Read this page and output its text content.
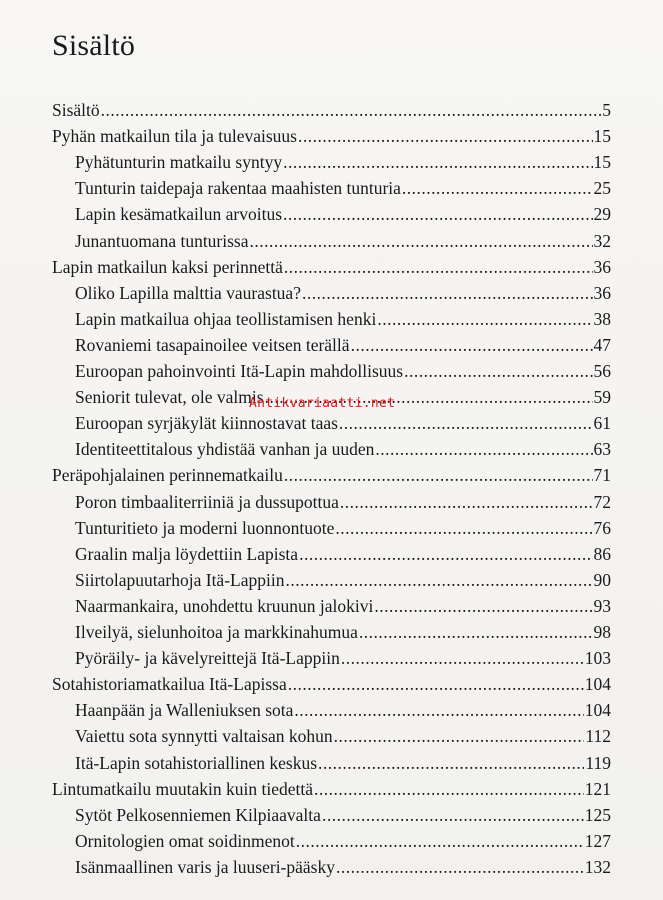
Sisältö
Sisältö .....	5
Pyhän matkailun tila ja tulevaisuus .....	15
Pyhätunturin matkailu syntyy .....	15
Tunturin taidepaja rakentaa maahisten tunturia .....	25
Lapin kesämatkailun arvoitus .....	29
Junantuomana tunturissa .....	32
Lapin matkailun kaksi perinnettä .....	36
Oliko Lapilla malttia vaurastua? .....	36
Lapin matkailua ohjaa teollistamisen henki .....	38
Rovaniemi tasapainoilee veitsen terällä .....	47
Euroopan pahoinvointi Itä-Lapin mahdollisuus .....	56
Seniorit tulevat, ole valmis .....	59
Euroopan syrjäkylät kiinnostavat taas .....	61
Identiteettitalous yhdistää vanhan ja uuden .....	63
Peräpohjalainen perinnematkailu .....	71
Poron timbaaliterriiniä ja dussupottua .....	72
Tunturitieto ja moderni luonnontuote .....	76
Graalin malja löydettiin Lapista .....	86
Siirtolapuutarhoja Itä-Lappiin .....	90
Naarmankaira, unohdettu kruunun jalokivi .....	93
Ilveilyä, sielunhoitoa ja markkinahumua .....	98
Pyöräily- ja kävelyreittejä Itä-Lappiin .....	103
Sotahistoriamatkailua Itä-Lapissa .....	104
Haanpään ja Walleniuksen sota .....	104
Vaiettu sota synnytti valtaisan kohun .....	112
Itä-Lapin sotahistoriallinen keskus .....	119
Lintumatkailu muutakin kuin tiedettä .....	121
Sytöt Pelkosenniemen Kilpiaavalta .....	125
Ornitologien omat soidinmenot .....	127
Isänmaallinen varis ja luuseri-pääsky .....	132
Antikvariaatti.net
